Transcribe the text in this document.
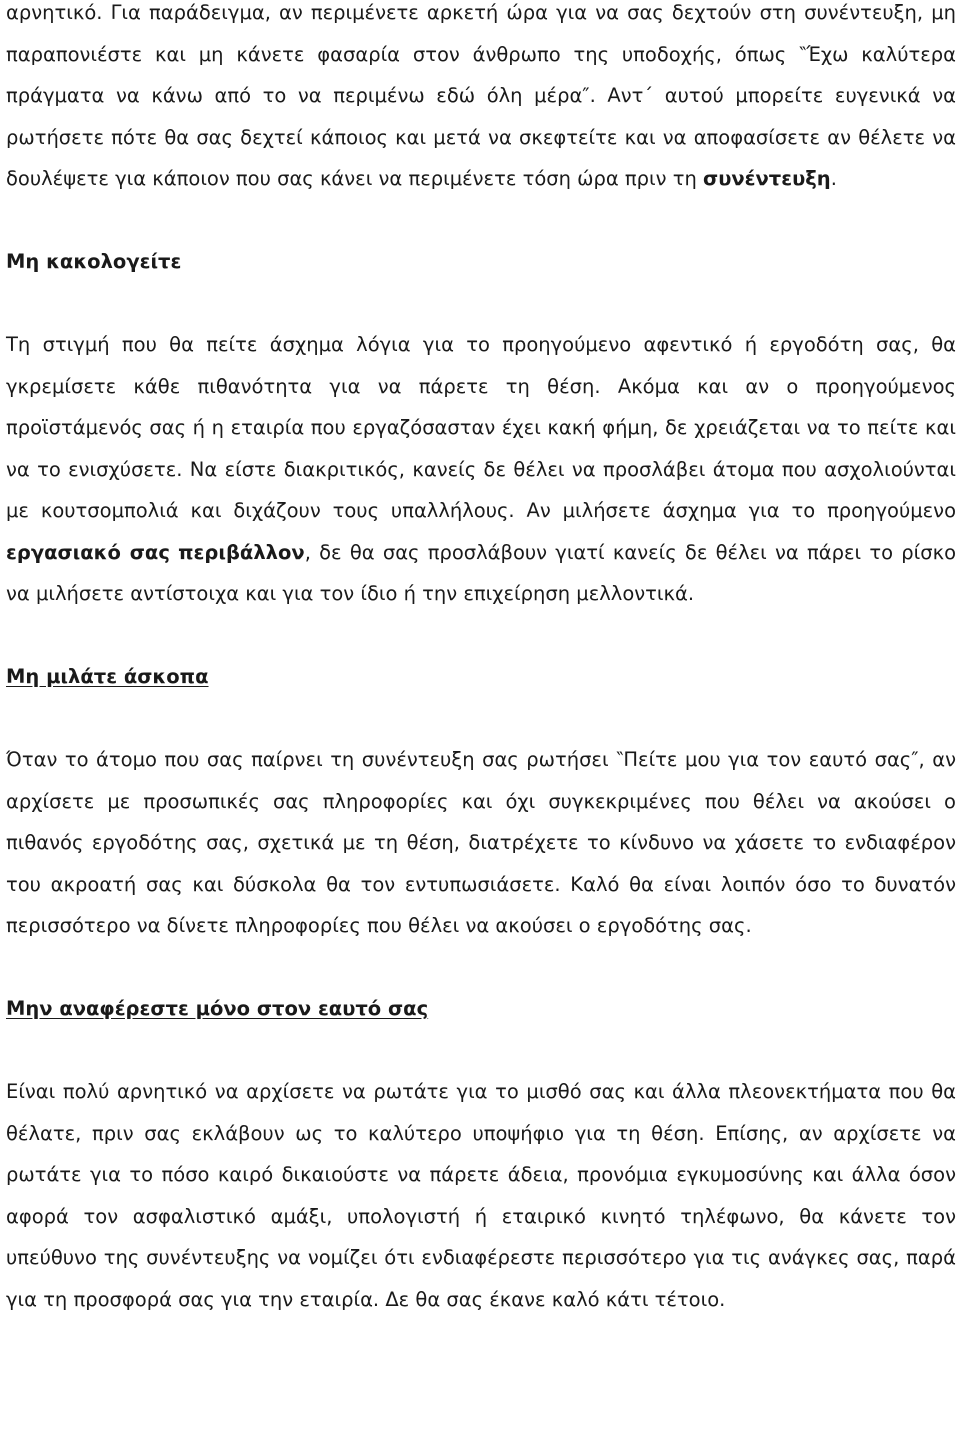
αρνητικό. Για παράδειγμα, αν περιμένετε αρκετή ώρα για να σας δεχτούν στη συνέντευξη, μη παραπονιέστε και μη κάνετε φασαρία στον άνθρωπο της υποδοχής, όπως ‶Έχω καλύτερα πράγματα να κάνω από το να περιμένω εδώ όλη μέρα″. Αντ΄ αυτού μπορείτε ευγενικά να ρωτήσετε πότε θα σας δεχτεί κάποιος και μετά να σκεφτείτε και να αποφασίσετε αν θέλετε να δουλέψετε για κάποιον που σας κάνει να περιμένετε τόση ώρα πριν τη συνέντευξη.

Μη κακολογείτε

Τη στιγμή που θα πείτε άσχημα λόγια για το προηγούμενο αφεντικό ή εργοδότη σας, θα γκρεμίσετε κάθε πιθανότητα για να πάρετε τη θέση. Ακόμα και αν ο προηγούμενος προϊστάμενός σας ή η εταιρία που εργαζόσασταν έχει κακή φήμη, δε χρειάζεται να το πείτε και να το ενισχύσετε. Να είστε διακριτικός, κανείς δε θέλει να προσλάβει άτομα που ασχολιούνται με κουτσομπολιά και διχάζουν τους υπαλλήλους. Αν μιλήσετε άσχημα για το προηγούμενο εργασιακό σας περιβάλλον, δε θα σας προσλάβουν γιατί κανείς δε θέλει να πάρει το ρίσκο να μιλήσετε αντίστοιχα και για τον ίδιο ή την επιχείρηση μελλοντικά.

Μη μιλάτε άσκοπα

Όταν το άτομο που σας παίρνει τη συνέντευξη σας ρωτήσει ‶Πείτε μου για τον εαυτό σας″, αν αρχίσετε με προσωπικές σας πληροφορίες και όχι συγκεκριμένες που θέλει να ακούσει ο πιθανός εργοδότης σας, σχετικά με τη θέση, διατρέχετε το κίνδυνο να χάσετε το ενδιαφέρον του ακροατή σας και δύσκολα θα τον εντυπωσιάσετε. Καλό θα είναι λοιπόν όσο το δυνατόν περισσότερο να δίνετε πληροφορίες που θέλει να ακούσει ο εργοδότης σας.

Μην αναφέρεστε μόνο στον εαυτό σας

Είναι πολύ αρνητικό να αρχίσετε να ρωτάτε για το μισθό σας και άλλα πλεονεκτήματα που θα θέλατε, πριν σας εκλάβουν ως το καλύτερο υποψήφιο για τη θέση. Επίσης, αν αρχίσετε να ρωτάτε για το πόσο καιρό δικαιούστε να πάρετε άδεια, προνόμια εγκυμοσύνης και άλλα όσον αφορά τον ασφαλιστικό αμάξι, υπολογιστή ή εταιρικό κινητό τηλέφωνο, θα κάνετε τον υπεύθυνο της συνέντευξης να νομίζει ότι ενδιαφέρεστε περισσότερο για τις ανάγκες σας, παρά για τη προσφορά σας για την εταιρία. Δε θα σας έκανε καλό κάτι τέτοιο.
